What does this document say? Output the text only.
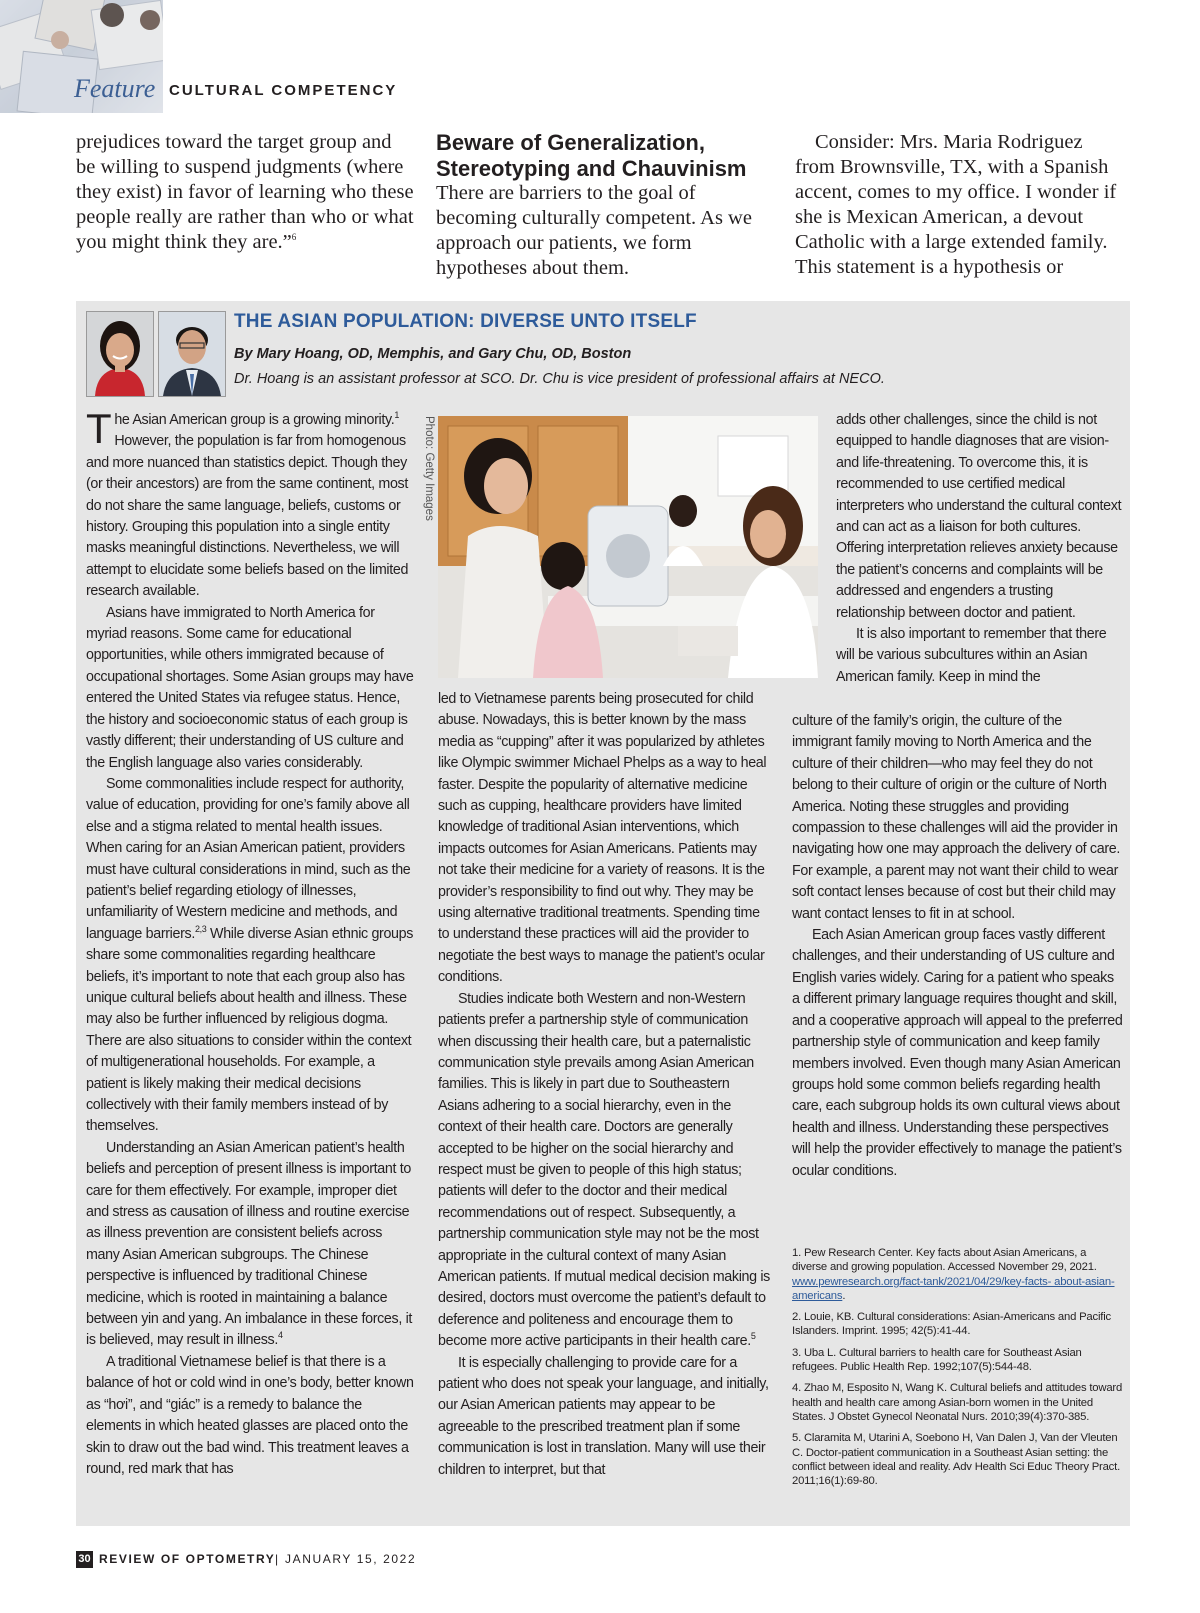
Feature CULTURAL COMPETENCY
prejudices toward the target group and be willing to suspend judgments (where they exist) in favor of learning who these people really are rather than who or what you might think they are.”$^6$
Beware of Generalization, Stereotyping and Chauvinism
There are barriers to the goal of becoming culturally competent. As we approach our patients, we form hypotheses about them.
Consider: Mrs. Maria Rodriguez from Brownsville, TX, with a Spanish accent, comes to my office. I wonder if she is Mexican American, a devout Catholic with a large extended family. This statement is a hypothesis or
THE ASIAN POPULATION: DIVERSE UNTO ITSELF
By Mary Hoang, OD, Memphis, and Gary Chu, OD, Boston
Dr. Hoang is an assistant professor at SCO. Dr. Chu is vice president of professional affairs at NECO.

The Asian American group is a growing minority.$^1$ However, the population is far from homogenous and more nuanced than statistics depict. Though they (or their ancestors) are from the same continent, most do not share the same language, beliefs, customs or history. Grouping this population into a single entity masks meaningful distinctions. Nevertheless, we will attempt to elucidate some beliefs based on the limited research available.

Asians have immigrated to North America for myriad reasons. Some came for educational opportunities, while others immigrated because of occupational shortages. Some Asian groups may have entered the United States via refugee status. Hence, the history and socioeconomic status of each group is vastly different; their understanding of US culture and the English language also varies considerably.

Some commonalities include respect for authority, value of education, providing for one’s family above all else and a stigma related to mental health issues. When caring for an Asian American patient, providers must have cultural considerations in mind, such as the patient’s belief regarding etiology of illnesses, unfamiliarity of Western medicine and methods, and language barriers.$^{2,3}$ While diverse Asian ethnic groups share some commonalities regarding healthcare beliefs, it’s important to note that each group also has unique cultural beliefs about health and illness. These may also be further influenced by religious dogma. There are also situations to consider within the context of multigenerational households. For example, a patient is likely making their medical decisions collectively with their family members instead of by themselves.

Understanding an Asian American patient’s health beliefs and perception of present illness is important to care for them effectively. For example, improper diet and stress as causation of illness and routine exercise as illness prevention are consistent beliefs across many Asian American subgroups. The Chinese perspective is influenced by traditional Chinese medicine, which is rooted in maintaining a balance between yin and yang. An imbalance in these forces, it is believed, may result in illness.$^4$

A traditional Vietnamese belief is that there is a balance of hot or cold wind in one’s body, better known as “hơi”, and “giác” is a remedy to balance the elements in which heated glasses are placed onto the skin to draw out the bad wind. This treatment leaves a round, red mark that has

Photo: Getty Images

led to Vietnamese parents being prosecuted for child abuse. Nowadays, this is better known by the mass media as “cupping” after it was popularized by athletes like Olympic swimmer Michael Phelps as a way to heal faster. Despite the popularity of alternative medicine such as cupping, healthcare providers have limited knowledge of traditional Asian interventions, which impacts outcomes for Asian Americans. Patients may not take their medicine for a variety of reasons. It is the provider’s responsibility to find out why. They may be using alternative traditional treatments. Spending time to understand these practices will aid the provider to negotiate the best ways to manage the patient’s ocular conditions.

Studies indicate both Western and non-Western patients prefer a partnership style of communication when discussing their health care, but a paternalistic communication style prevails among Asian American families. This is likely in part due to Southeastern Asians adhering to a social hierarchy, even in the context of their health care. Doctors are generally accepted to be higher on the social hierarchy and respect must be given to people of this high status; patients will defer to the doctor and their medical recommendations out of respect. Subsequently, a partnership communication style may not be the most appropriate in the cultural context of many Asian American patients. If mutual medical decision making is desired, doctors must overcome the patient’s default to deference and politeness and encourage them to become more active participants in their health care.$^5$

It is especially challenging to provide care for a patient who does not speak your language, and initially, our Asian American patients may appear to be agreeable to the prescribed treatment plan if some communication is lost in translation. Many will use their children to interpret, but that

adds other challenges, since the child is not equipped to handle diagnoses that are vision- and life-threatening. To overcome this, it is recommended to use certified medical interpreters who understand the cultural context and can act as a liaison for both cultures. Offering interpretation relieves anxiety because the patient’s concerns and complaints will be addressed and engenders a trusting relationship between doctor and patient.

It is also important to remember that there will be various subcultures within an Asian American family. Keep in mind the

culture of the family’s origin, the culture of the immigrant family moving to North America and the culture of their children—who may feel they do not belong to their culture of origin or the culture of North America. Noting these struggles and providing compassion to these challenges will aid the provider in navigating how one may approach the delivery of care. For example, a parent may not want their child to wear soft contact lenses because of cost but their child may want contact lenses to fit in at school.

Each Asian American group faces vastly different challenges, and their understanding of US culture and English varies widely. Caring for a patient who speaks a different primary language requires thought and skill, and a cooperative approach will appeal to the preferred partnership style of communication and keep family members involved. Even though many Asian American groups hold some common beliefs regarding health care, each subgroup holds its own cultural views about health and illness. Understanding these perspectives will help the provider effectively to manage the patient’s ocular conditions.

1. Pew Research Center. Key facts about Asian Americans, a diverse and growing population. Accessed November 29, 2021. www.pewresearch.org/fact-tank/2021/04/29/key-facts- about-asian-americans.

2. Louie, KB. Cultural considerations: Asian-Americans and Pacific Islanders. Imprint. 1995; 42(5):41-44.

3. Uba L. Cultural barriers to health care for Southeast Asian refugees. Public Health Rep. 1992;107(5):544-48.

4. Zhao M, Esposito N, Wang K. Cultural beliefs and attitudes toward health and health care among Asian-born women in the United States. J Obstet Gynecol Neonatal Nurs. 2010;39(4):370-385.

5. Claramita M, Utarini A, Soebono H, Van Dalen J, Van der Vleuten C. Doctor-patient communication in a Southeast Asian setting: the conflict between ideal and reality. Adv Health Sci Educ Theory Pract. 2011;16(1):69-80.

30 REVIEW OF OPTOMETRY | JANUARY 15, 2022
